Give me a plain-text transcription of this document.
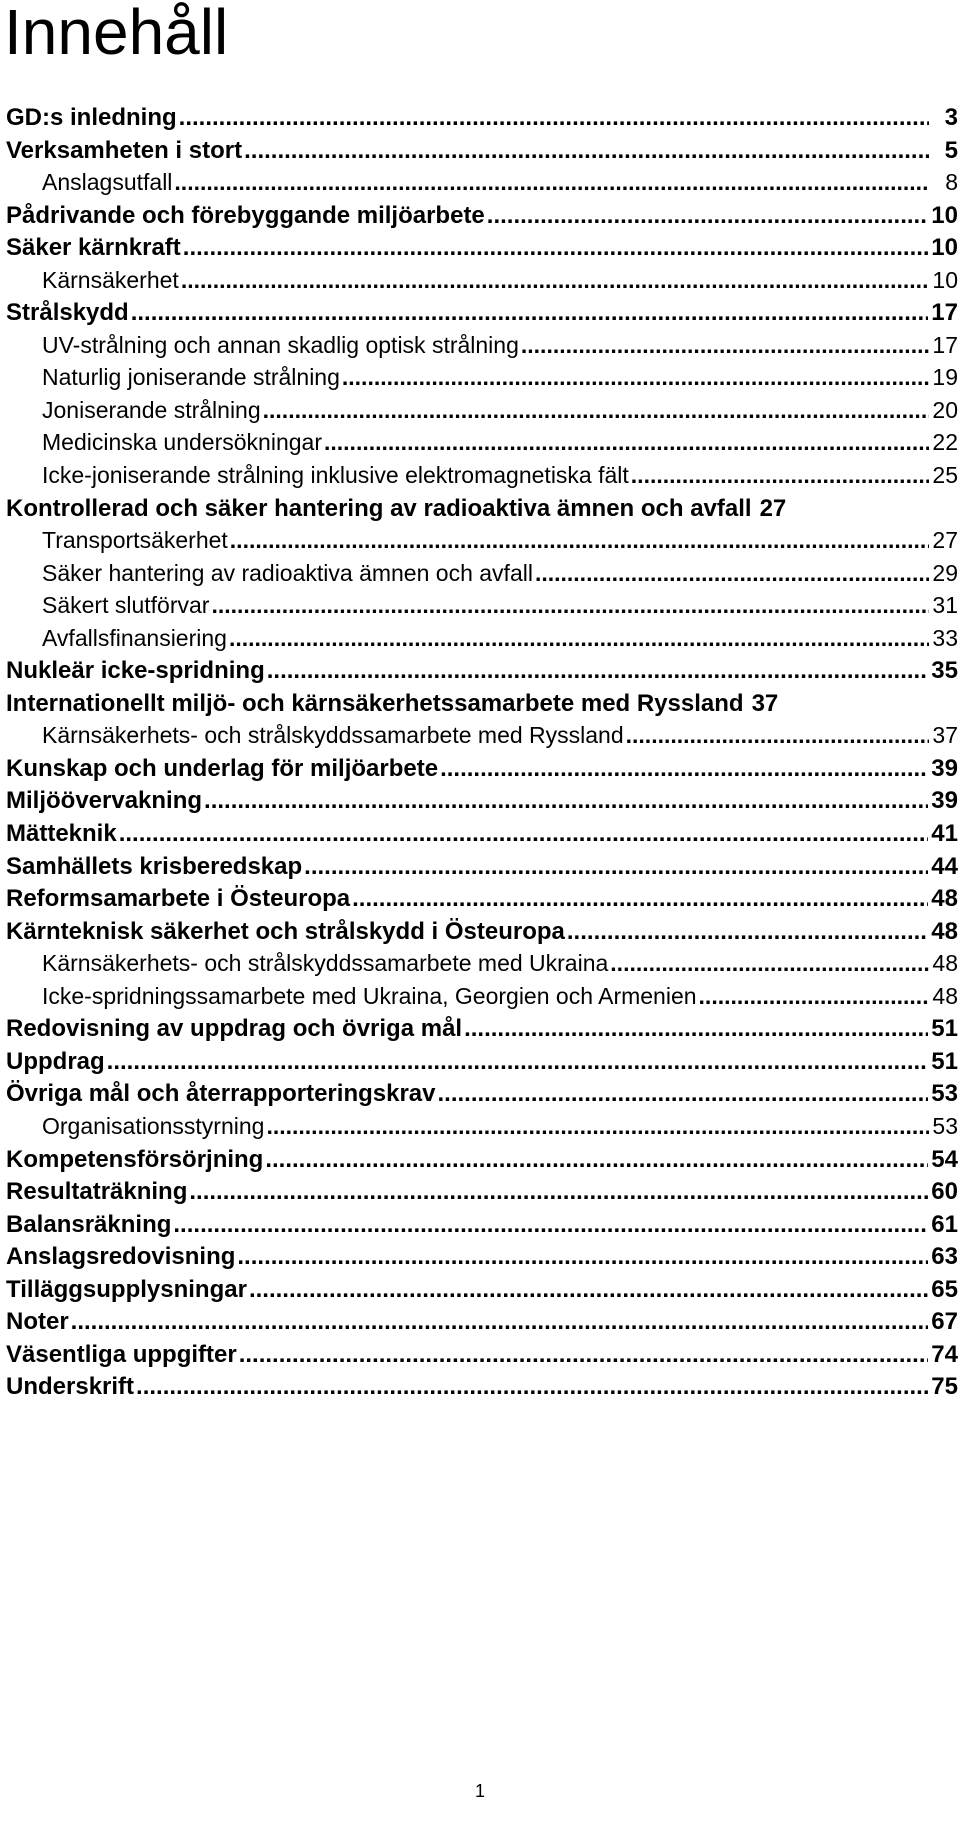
Innehåll
GD:s inledning .....	3
Verksamheten i stort .....	5
Anslagsutfall .....	8
Pådrivande och förebyggande miljöarbete .....	10
Säker kärnkraft .....	10
Kärnsäkerhet .....	10
Strålskydd .....	17
UV-strålning och annan skadlig optisk strålning .....	17
Naturlig joniserande strålning .....	19
Joniserande strålning .....	20
Medicinska undersökningar .....	22
Icke-joniserande strålning inklusive elektromagnetiska fält .....	25
Kontrollerad och säker hantering av radioaktiva ämnen och avfall 27
Transportsäkerhet .....	27
Säker hantering av radioaktiva ämnen och avfall .....	29
Säkert slutförvar .....	31
Avfallsfinansiering .....	33
Nukleär icke-spridning .....	35
Internationellt miljö- och kärnsäkerhetssamarbete med Ryssland 37
Kärnsäkerhets- och strålskyddssamarbete med Ryssland .....	37
Kunskap och underlag för miljöarbete .....	39
Miljöövervakning .....	39
Mätteknik .....	41
Samhällets krisberedskap .....	44
Reformsamarbete i Östeuropa .....	48
Kärnteknisk säkerhet och strålskydd i Östeuropa .....	48
Kärnsäkerhets- och strålskyddssamarbete med Ukraina .....	48
Icke-spridningssamarbete med Ukraina, Georgien och Armenien .....	48
Redovisning av uppdrag och övriga mål .....	51
Uppdrag .....	51
Övriga mål och återrapporteringskrav .....	53
Organisationsstyrning .....	53
Kompetensförsörjning .....	54
Resultaträkning .....	60
Balansräkning .....	61
Anslagsredovisning .....	63
Tilläggsupplysningar .....	65
Noter .....	67
Väsentliga uppgifter .....	74
Underskrift .....	75
1
